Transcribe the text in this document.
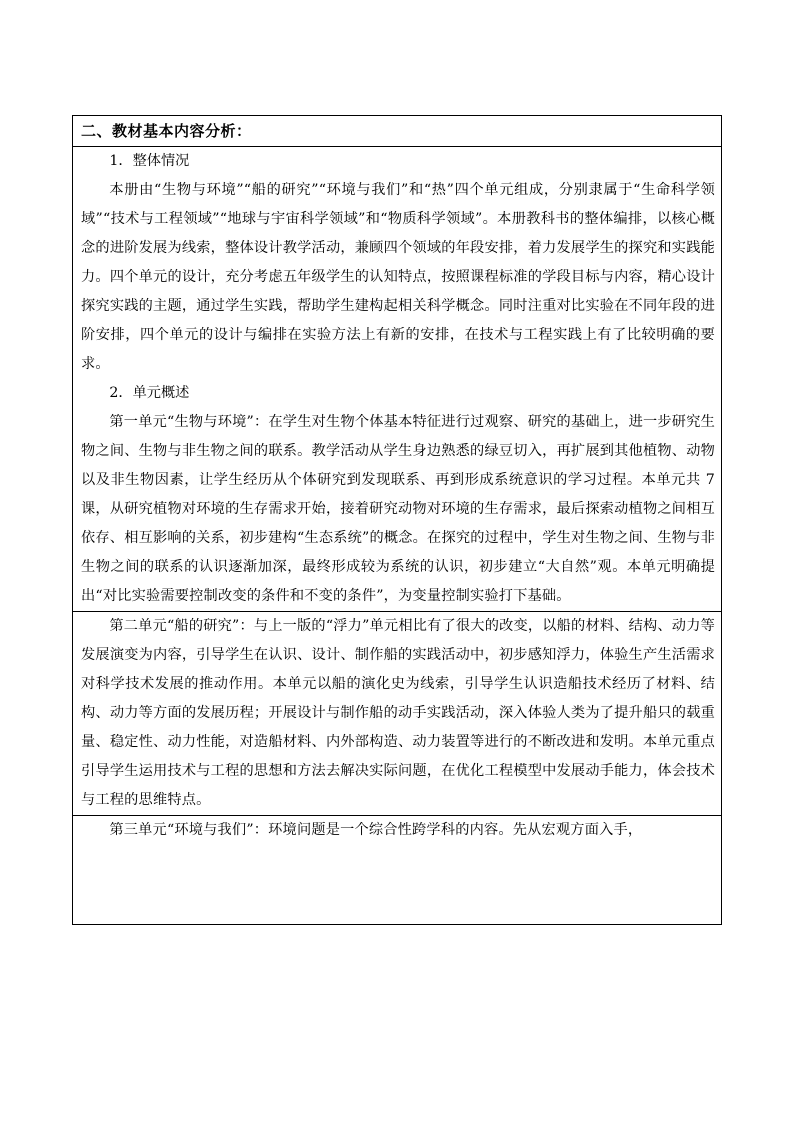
二、教材基本内容分析：

1．整体情况

本册由“生物与环境”“船的研究”“环境与我们”和“热”四个单元组成，分别隶属于“生命科学领域”“技术与工程领域”“地球与宇宙科学领域”和“物质科学领域”。本册教科书的整体编排，以核心概念的进阶发展为线索，整体设计教学活动，兼顾四个领域的年段安排，着力发展学生的探究和实践能力。四个单元的设计，充分考虑五年级学生的认知特点，按照课程标准的学段目标与内容，精心设计探究实践的主题，通过学生实践，帮助学生建构起相关科学概念。同时注重对比实验在不同年段的进阶安排，四个单元的设计与编排在实验方法上有新的安排，在技术与工程实践上有了比较明确的要求。

2．单元概述

第一单元“生物与环境”：在学生对生物个体基本特征进行过观察、研究的基础上，进一步研究生物之间、生物与非生物之间的联系。教学活动从学生身边熟悉的绿豆切入，再扩展到其他植物、动物以及非生物因素，让学生经历从个体研究到发现联系、再到形成系统意识的学习过程。本单元共 7 课，从研究植物对环境的生存需求开始，接着研究动物对环境的生存需求，最后探索动植物之间相互依存、相互影响的关系，初步建构“生态系统”的概念。在探究的过程中，学生对生物之间、生物与非生物之间的联系的认识逐渐加深，最终形成较为系统的认识，初步建立“大自然”观。本单元明确提出“对比实验需要控制改变的条件和不变的条件”，为变量控制实验打下基础。

第二单元“船的研究”：与上一版的“浮力”单元相比有了很大的改变，以船的材料、结构、动力等发展演变为内容，引导学生在认识、设计、制作船的实践活动中，初步感知浮力，体验生产生活需求对科学技术发展的推动作用。本单元以船的演化史为线索，引导学生认识造船技术经历了材料、结构、动力等方面的发展历程；开展设计与制作船的动手实践活动，深入体验人类为了提升船只的载重量、稳定性、动力性能，对造船材料、内外部构造、动力装置等进行的不断改进和发明。本单元重点引导学生运用技术与工程的思想和方法去解决实际问题，在优化工程模型中发展动手能力，体会技术与工程的思维特点。

第三单元“环境与我们”：环境问题是一个综合性跨学科的内容。先从宏观方面入手，
